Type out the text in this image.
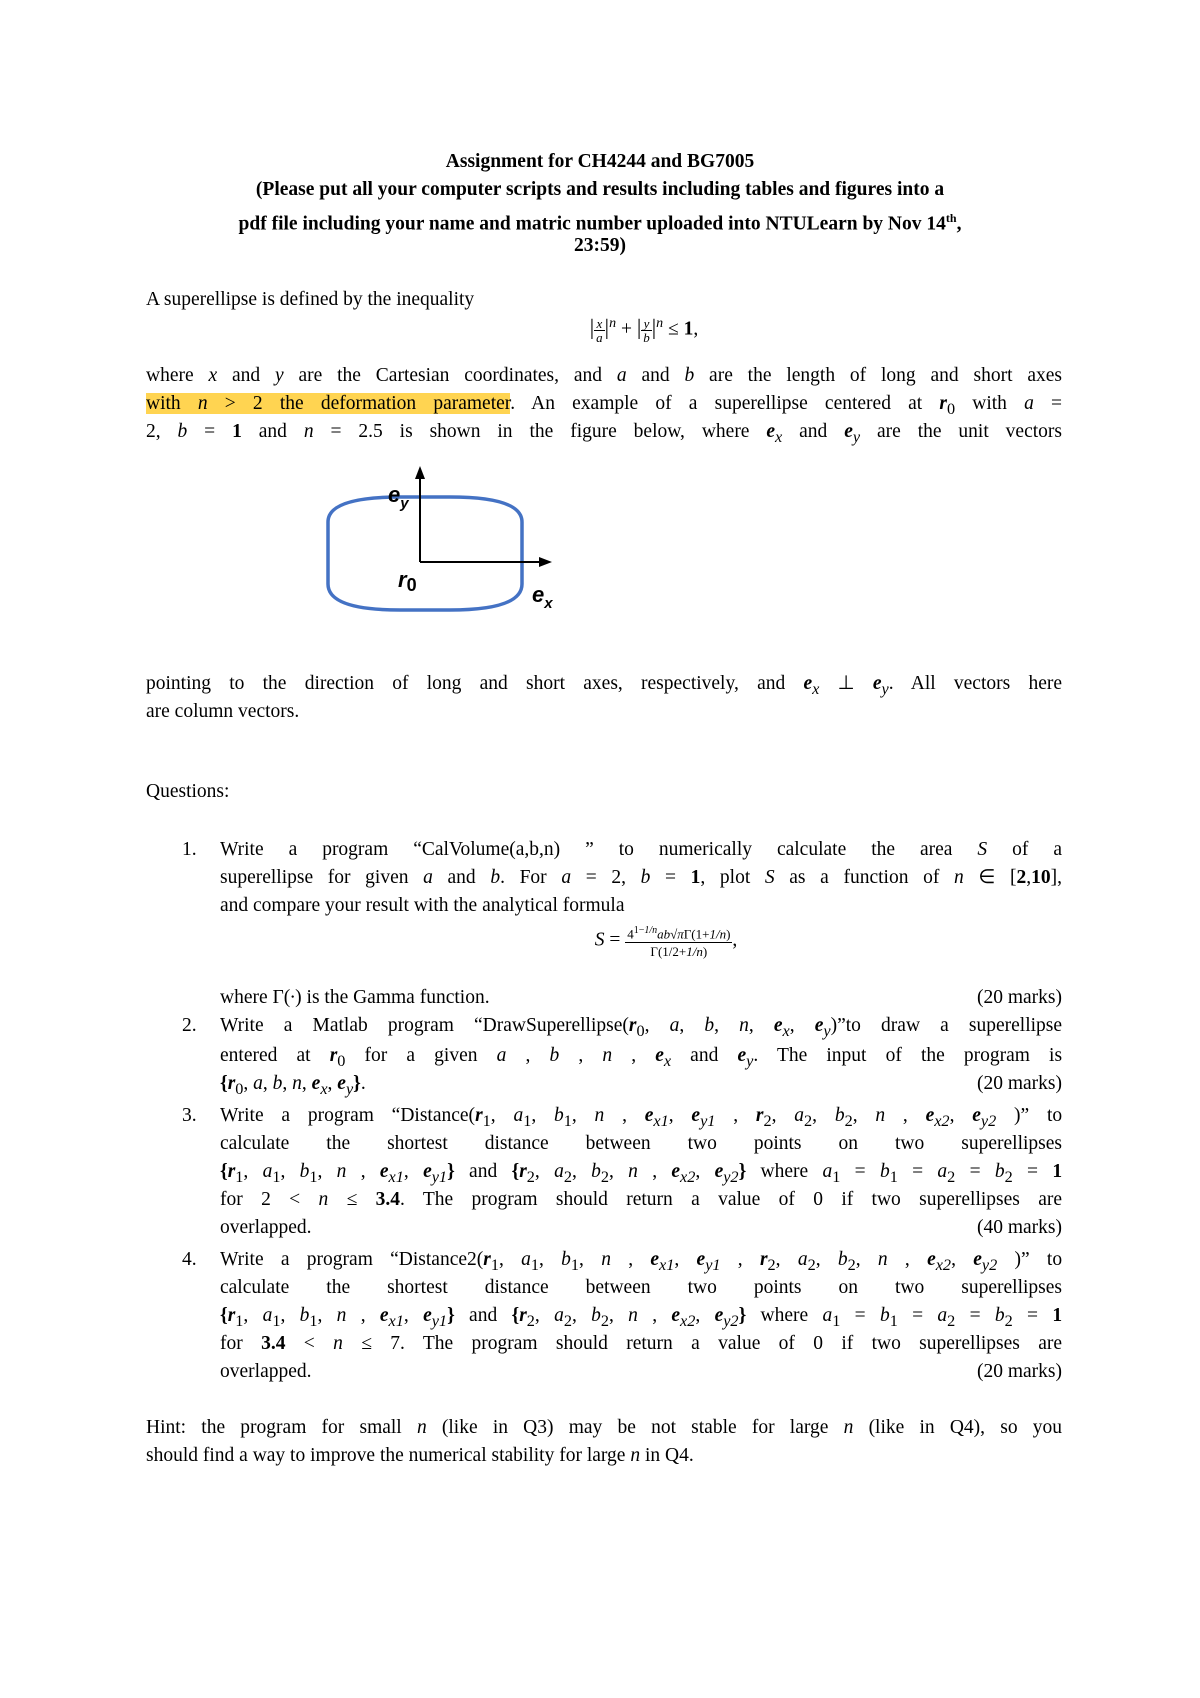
Assignment for CH4244 and BG7005
(Please put all your computer scripts and results including tables and figures into a
pdf file including your name and matric number uploaded into NTULearn by Nov 14th,
23:59)
A superellipse is defined by the inequality
| $\frac{x}{a} |^n$ + | $\frac{y}{b} |^n \le 1$,
where x and y are the Cartesian coordinates, and a and b are the length of long and short axes
with n > 2 the deformation parameter. An example of a superellipse centered at $r_0$ with a =
2, b = 1 and n = 2.5 is shown in the figure below, where $e_x$ and $e_y$ are the unit vectors
$e_y$
r0	$e_x$
pointing to the direction of long and short axes, respectively, and $e_x$ ⊥ $e_y$. All vectors here
are column vectors.
Questions:
1.	Write a program “CalVolume(a,b,n) ” to numerically calculate the area S of a
superellipse for given a and b. For a = 2, b = 1, plot S as a function of n ∈ [2,10],
and compare your result with the analytical formula
$S = \frac{4^{1-1/n}ab√\pi\Gamma(1+1/n)}{\Gamma(1/2+1/n)}$ ,
where Γ(∙) is the Gamma function.	(20 marks)
2.	Write a Matlab program “$DrawSuperellipse(r_0$, a, b, n, $e_x$, $e_y)”to$ draw a superellipse
entered at $r_0$ for a given a , b , n , $e_x$ and $e_y$. The input of the program is
{$r_0$, a, b, n, $e_x$, $e_y$}.	(20 marks)
3.	Write a program “$Distance(r_1$, $a_1$, $b_1$, n , $e_{x1}$, $e_{y1}$ , $r_2$, $a_2$, $b_2$, n , $e_{x2}$, $e_{y2}$ )” to
calculate the shortest distance between two points on two superellipses
{$r_1$, $a_1$, $b_1$, n , $e_{x1}$, $e_{y1}$} and {$r_2$, $a_2$, $b_2$, n , $e_{x2}$, $e_{y2}$} where $a_1 = b_1 = a_2 = b_2 = 1$
for 2 < n ≤ 3.4. The program should return a value of 0 if two superellipses are
overlapped.	(40 marks)
4.	Write a program “$Distance2(r_1$, $a_1$, $b_1$, n , $e_{x1}$, $e_{y1}$ , $r_2$, $a_2$, $b_2$, n , $e_{x2}$, $e_{y2}$ )” to
calculate the shortest distance between two points on two superellipses
{$r_1$, $a_1$, $b_1$, n , $e_{x1}$, $e_{y1}$} and {$r_2$, $a_2$, $b_2$, n , $e_{x2}$, $e_{y2}$} where $a_1 = b_1 = a_2 = b_2 = 1$
for 3.4 < n ≤ 7. The program should return a value of 0 if two superellipses are
overlapped.	(20 marks)
Hint: the program for small n (like in Q3) may be not stable for large n (like in Q4), so you
should find a way to improve the numerical stability for large n in Q4.
